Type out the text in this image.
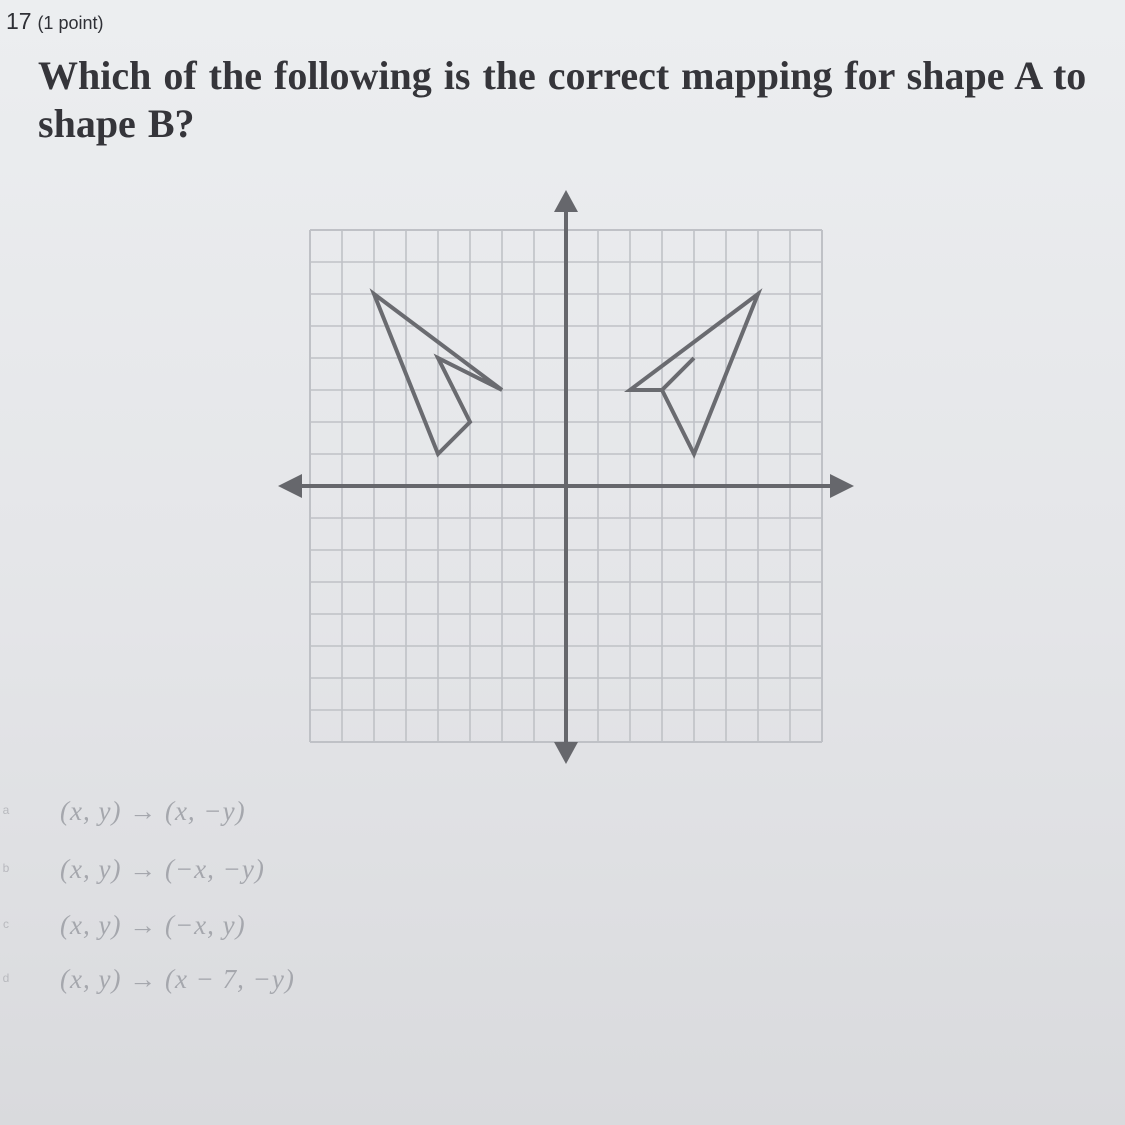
17 (1 point)
Which of the following is the correct mapping for shape A to shape B?
a (x, y) → (x, −y)
b (x, y) → (−x, −y)
c (x, y) → (−x, y)
d (x, y) → (x − 7, −y)
